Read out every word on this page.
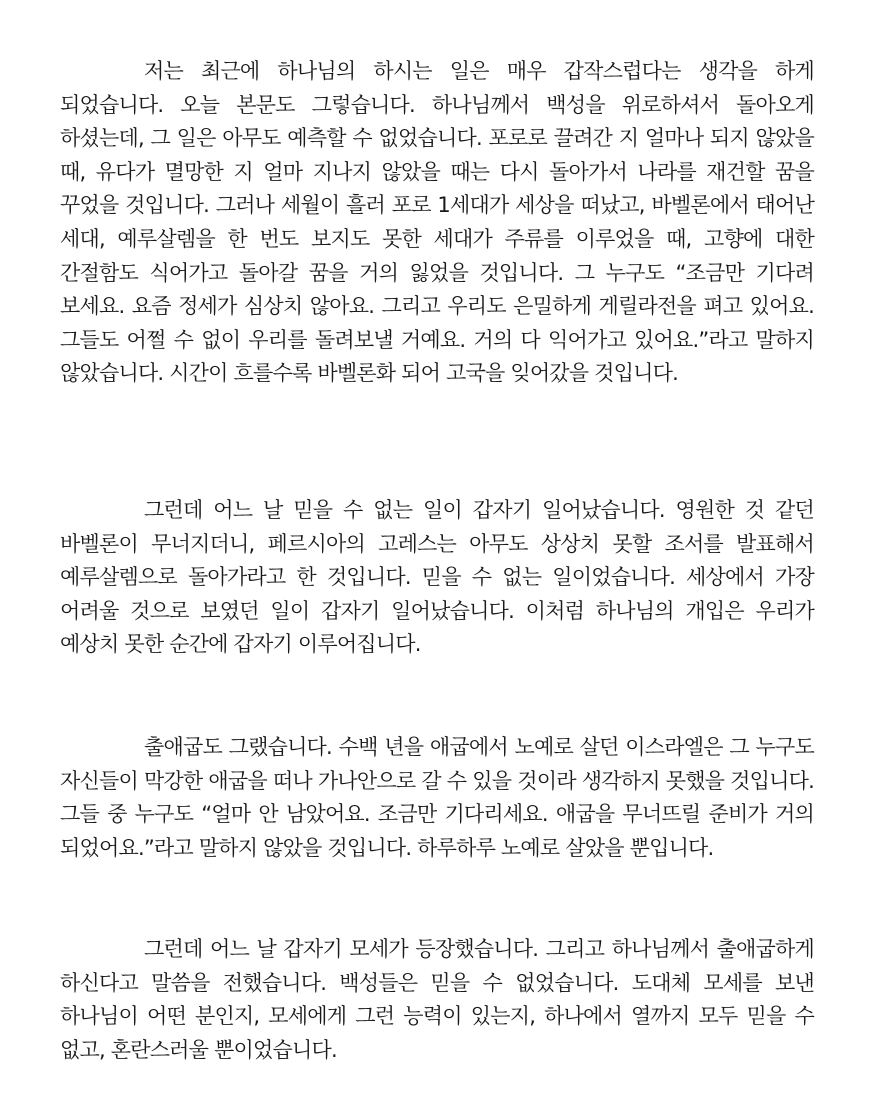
저는 최근에 하나님의 하시는 일은 매우 갑작스럽다는 생각을 하게 되었습니다. 오늘 본문도 그렇습니다. 하나님께서 백성을 위로하셔서 돌아오게 하셨는데, 그 일은 아무도 예측할 수 없었습니다. 포로로 끌려간 지 얼마나 되지 않았을 때, 유다가 멸망한 지 얼마 지나지 않았을 때는 다시 돌아가서 나라를 재건할 꿈을 꾸었을 것입니다. 그러나 세월이 흘러 포로 1세대가 세상을 떠났고, 바벨론에서 태어난 세대, 예루살렘을 한 번도 보지도 못한 세대가 주류를 이루었을 때, 고향에 대한 간절함도 식어가고 돌아갈 꿈을 거의 잃었을 것입니다. 그 누구도 “조금만 기다려 보세요. 요즘 정세가 심상치 않아요. 그리고 우리도 은밀하게 게릴라전을 펴고 있어요. 그들도 어쩔 수 없이 우리를 돌려보낼 거예요. 거의 다 익어가고 있어요.”라고 말하지 않았습니다. 시간이 흐를수록 바벨론화 되어 고국을 잊어갔을 것입니다.

그런데 어느 날 믿을 수 없는 일이 갑자기 일어났습니다. 영원한 것 같던 바벨론이 무너지더니, 페르시아의 고레스는 아무도 상상치 못할 조서를 발표해서 예루살렘으로 돌아가라고 한 것입니다. 믿을 수 없는 일이었습니다. 세상에서 가장 어려울 것으로 보였던 일이 갑자기 일어났습니다. 이처럼 하나님의 개입은 우리가 예상치 못한 순간에 갑자기 이루어집니다.

출애굽도 그랬습니다. 수백 년을 애굽에서 노예로 살던 이스라엘은 그 누구도 자신들이 막강한 애굽을 떠나 가나안으로 갈 수 있을 것이라 생각하지 못했을 것입니다. 그들 중 누구도 “얼마 안 남았어요. 조금만 기다리세요. 애굽을 무너뜨릴 준비가 거의 되었어요.”라고 말하지 않았을 것입니다. 하루하루 노예로 살았을 뿐입니다.

그런데 어느 날 갑자기 모세가 등장했습니다. 그리고 하나님께서 출애굽하게 하신다고 말씀을 전했습니다. 백성들은 믿을 수 없었습니다. 도대체 모세를 보낸 하나님이 어떤 분인지, 모세에게 그런 능력이 있는지, 하나에서 열까지 모두 믿을 수 없고, 혼란스러울 뿐이었습니다.
